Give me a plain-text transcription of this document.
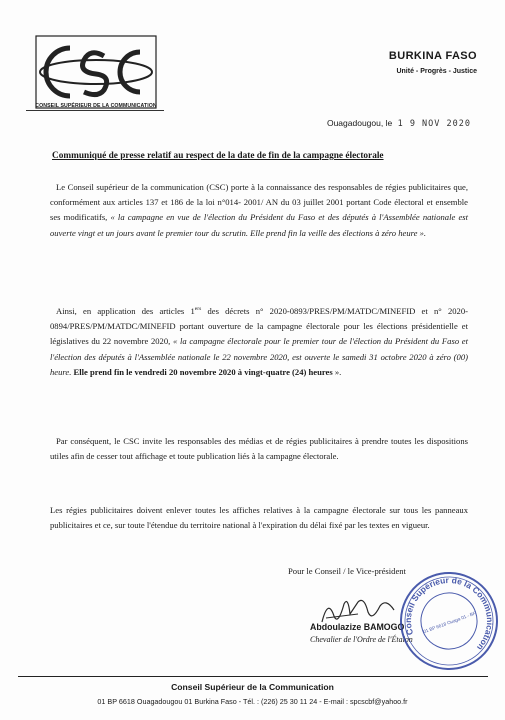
CONSEIL SUPÉRIEUR DE LA COMMUNICATION
BURKINA FASO
Unité - Progrès - Justice
Ouagadougou, le 1 9 NOV 2020
Communiqué de presse relatif au respect de la date de fin de la campagne électorale
Le Conseil supérieur de la communication (CSC) porte à la connaissance des responsables de régies publicitaires que, conformément aux articles 137 et 186 de la loi n°014- 2001/ AN du 03 juillet 2001 portant Code électoral et ensemble ses modificatifs, « la campagne en vue de l'élection du Président du Faso et des députés à l'Assemblée nationale est ouverte vingt et un jours avant le premier tour du scrutin. Elle prend fin la veille des élections à zéro heure ».
Ainsi, en application des articles 1ers des décrets n° 2020-0893/PRES/PM/MATDC/MINEFID et n° 2020- 0894/PRES/PM/MATDC/MINEFID portant ouverture de la campagne électorale pour les élections présidentielle et législatives du 22 novembre 2020, « la campagne électorale pour le premier tour de l'élection du Président du Faso et l'élection des députés à l'Assemblée nationale le 22 novembre 2020, est ouverte le samedi 31 octobre 2020 à zéro (00) heure. Elle prend fin le vendredi 20 novembre 2020 à vingt-quatre (24) heures ».
Par conséquent, le CSC invite les responsables des médias et de régies publicitaires à prendre toutes les dispositions utiles afin de cesser tout affichage et toute publication liés à la campagne électorale.
Les régies publicitaires doivent enlever toutes les affiches relatives à la campagne électorale sur tous les panneaux publicitaires et ce, sur toute l'étendue du territoire national à l'expiration du délai fixé par les textes en vigueur.
Pour le Conseil / le Vice-président
Abdoulazize BAMOGO
Chevalier de l'Ordre de l'Étalon
Conseil Supérieur de la Communication
01 BP 6618 Ouaga 01 - BF
Conseil Supérieur de la Communication
01 BP 6618 Ouagadougou 01 Burkina Faso - Tél. : (226) 25 30 11 24 - E-mail : spcscbf@yahoo.fr
